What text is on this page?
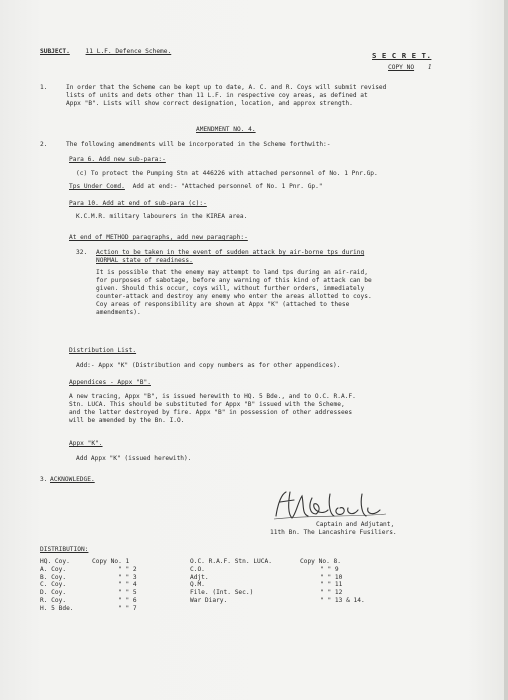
SUBJECT.	11 L.F. Defence Scheme.	S E C R E T.
COPY NO 1
1.	In order that the Scheme can be kept up to date, A. C. and R. Coys will submit revised
lists of units and dets other than 11 L.F. in respective coy areas, as defined at
Appx "B". Lists will show correct designation, location, and approx strength.
AMENDMENT NO. 4.
2.	The following amendments will be incorporated in the Scheme forthwith:-
Para 6. Add new sub-para:-
(c) To protect the Pumping Stn at 446226 with attached personnel of No. 1 Pnr.Gp.
Tps Under Comd. Add at end:- "Attached personnel of No. 1 Pnr. Gp."
Para 10. Add at end of sub-para (c):-
K.C.M.R. military labourers in the KIREA area.
At end of METHOD paragraphs, add new paragraph:-
32. Action to be taken in the event of sudden attack by air-borne tps during
NORMAL state of readiness.
It is possible that the enemy may attempt to land tps during an air-raid,
for purposes of sabotage, before any warning of this kind of attack can be
given. Should this occur, coys will, without further orders, immediately
counter-attack and destroy any enemy who enter the areas allotted to coys.
Coy areas of responsibility are shown at Appx "K" (attached to these
amendments).
Distribution List.
Add:- Appx "K" (Distribution and copy numbers as for other appendices).
Appendices - Appx "B".
A new tracing, Appx "B", is issued herewith to HQ. 5 Bde., and to O.C. R.A.F.
Stn. LUCA. This should be substituted for Appx "B" issued with the Scheme,
and the latter destroyed by fire. Appx "B" in possession of other addressees
will be amended by the Bn. I.O.
Appx "K".
Add Appx "K" (issued herewith).
3. ACKNOWLEDGE.
Captain and Adjutant,
11th Bn. The Lancashire Fusiliers.
DISTRIBUTION:
HQ. Coy.	Copy No. 1
A. Coy.	" " 2
B. Coy.	" " 3
C. Coy.	" " 4
D. Coy.	" " 5
R. Coy.	" " 6
H. 5 Bde.	" " 7
O.C. R.A.F. Stn. LUCA.	Copy No. 8.
C.O.	" " 9
Adjt.	" " 10
Q.M.	" " 11
File. (Int. Sec.)	" " 12
War Diary.	" " 13 & 14.
